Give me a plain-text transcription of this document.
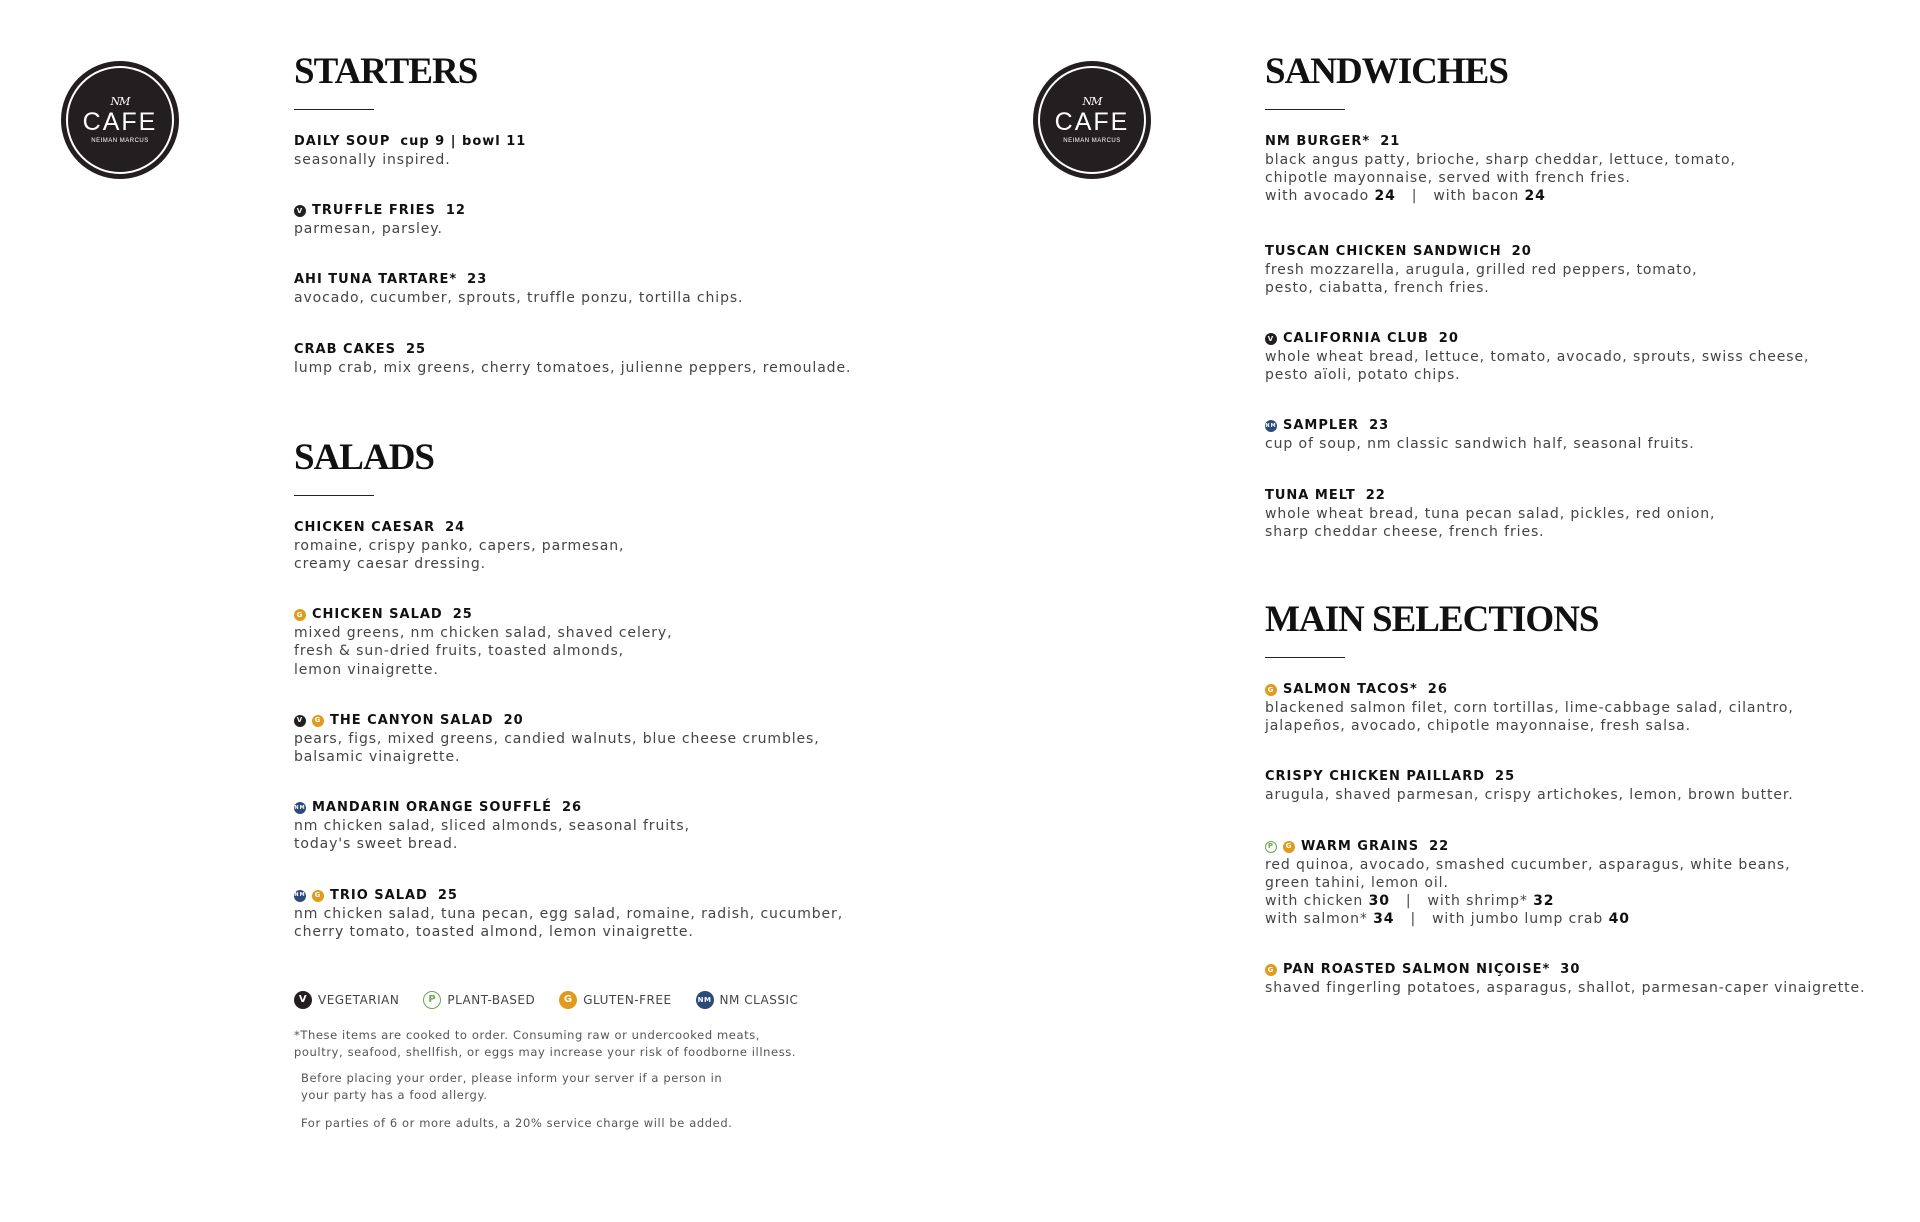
NM
CAFE
NEIMAN MARCUS
NM
CAFE
NEIMAN MARCUS
STARTERS
DAILY SOUP cup 9 | bowl 11
seasonally inspired.
V TRUFFLE FRIES 12
parmesan, parsley.
AHI TUNA TARTARE* 23
avocado, cucumber, sprouts, truffle ponzu, tortilla chips.
CRAB CAKES 25
lump crab, mix greens, cherry tomatoes, julienne peppers, remoulade.
SALADS
CHICKEN CAESAR 24
romaine, crispy panko, capers, parmesan,
creamy caesar dressing.
G CHICKEN SALAD 25
mixed greens, nm chicken salad, shaved celery,
fresh & sun-dried fruits, toasted almonds,
lemon vinaigrette.
V	G THE CANYON SALAD 20
pears, figs, mixed greens, candied walnuts, blue cheese crumbles,
balsamic vinaigrette.
NM MANDARIN ORANGE SOUFFLÉ 26
nm chicken salad, sliced almonds, seasonal fruits,
today's sweet bread.
NM	G TRIO SALAD 25
nm chicken salad, tuna pecan, egg salad, romaine, radish, cucumber,
cherry tomato, toasted almond, lemon vinaigrette.
V VEGETARIAN	P PLANT-BASED	G GLUTEN-FREE	NM NM CLASSIC
*These items are cooked to order. Consuming raw or undercooked meats,
poultry, seafood, shellfish, or eggs may increase your risk of foodborne illness.
Before placing your order, please inform your server if a person in
your party has a food allergy.
For parties of 6 or more adults, a 20% service charge will be added.
SANDWICHES
NM BURGER* 21
black angus patty, brioche, sharp cheddar, lettuce, tomato,
chipotle mayonnaise, served with french fries.
with avocado 24 | with bacon 24
TUSCAN CHICKEN SANDWICH 20
fresh mozzarella, arugula, grilled red peppers, tomato,
pesto, ciabatta, french fries.
V CALIFORNIA CLUB 20
whole wheat bread, lettuce, tomato, avocado, sprouts, swiss cheese,
pesto aïoli, potato chips.
NM SAMPLER 23
cup of soup, nm classic sandwich half, seasonal fruits.
TUNA MELT 22
whole wheat bread, tuna pecan salad, pickles, red onion,
sharp cheddar cheese, french fries.
MAIN SELECTIONS
G SALMON TACOS* 26
blackened salmon filet, corn tortillas, lime-cabbage salad, cilantro,
jalapeños, avocado, chipotle mayonnaise, fresh salsa.
CRISPY CHICKEN PAILLARD 25
arugula, shaved parmesan, crispy artichokes, lemon, brown butter.
P	G WARM GRAINS 22
red quinoa, avocado, smashed cucumber, asparagus, white beans,
green tahini, lemon oil.
with chicken 30 | with shrimp* 32
with salmon* 34 | with jumbo lump crab 40
G PAN ROASTED SALMON NIÇOISE* 30
shaved fingerling potatoes, asparagus, shallot, parmesan-caper vinaigrette.
